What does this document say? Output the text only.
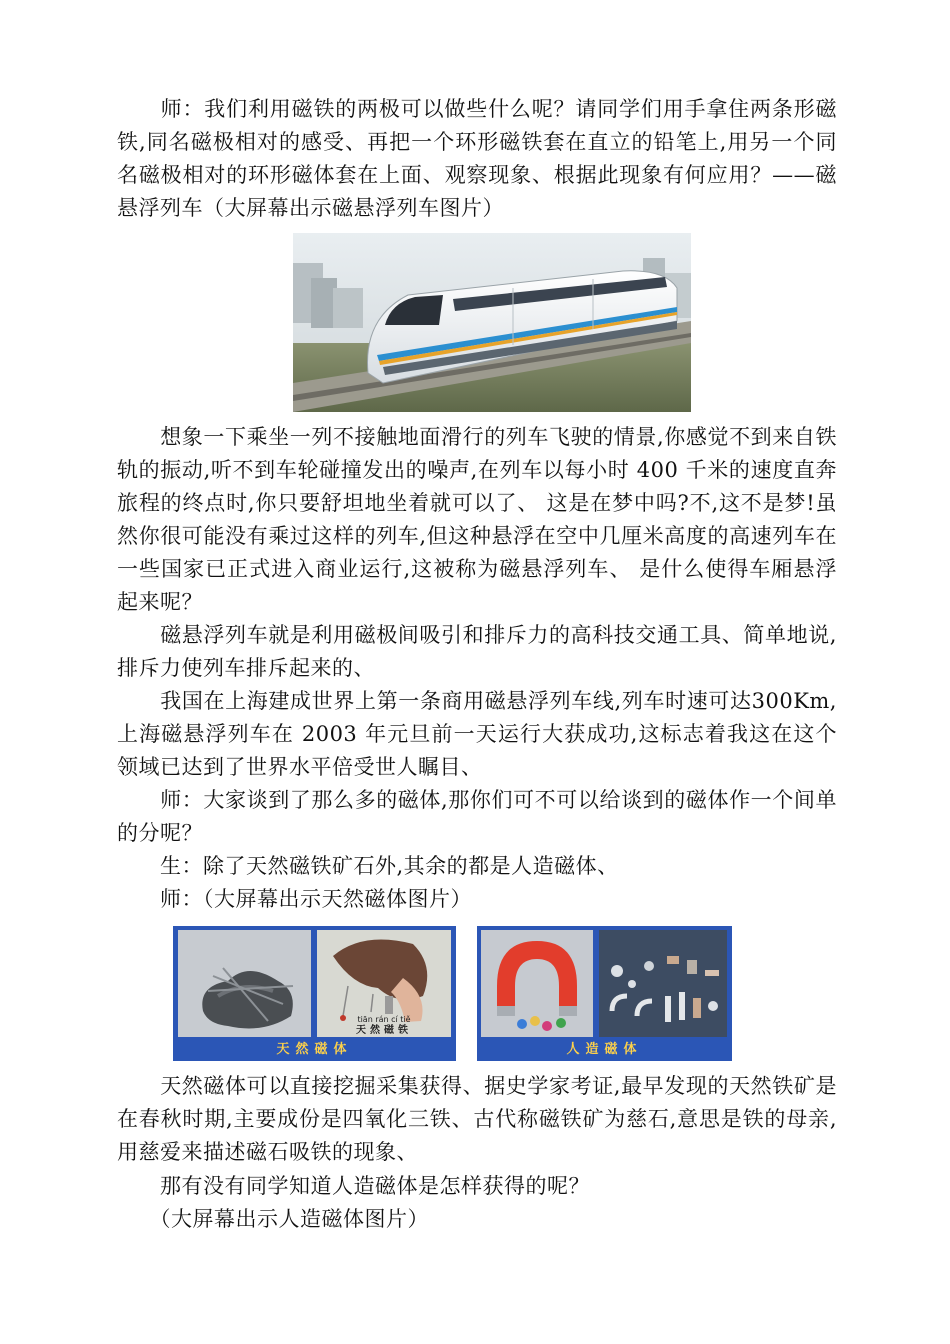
　　师：我们利用磁铁的两极可以做些什么呢？请同学们用手拿住两条形磁铁,同名磁极相对的感受、再把一个环形磁铁套在直立的铅笔上,用另一个同名磁极相对的环形磁体套在上面、观察现象、根据此现象有何应用？——磁悬浮列车（大屏幕出示磁悬浮列车图片）
　　想象一下乘坐一列不接触地面滑行的列车飞驶的情景,你感觉不到来自铁轨的振动,听不到车轮碰撞发出的噪声,在列车以每小时 400 千米的速度直奔旅程的终点时,你只要舒坦地坐着就可以了、 这是在梦中吗?不,这不是梦!虽然你很可能没有乘过这样的列车,但这种悬浮在空中几厘米高度的高速列车在一些国家已正式进入商业运行,这被称为磁悬浮列车、 是什么使得车厢悬浮起来呢？
　　磁悬浮列车就是利用磁极间吸引和排斥力的高科技交通工具、简单地说,排斥力使列车排斥起来的、
　　我国在上海建成世界上第一条商用磁悬浮列车线,列车时速可达300Km,上海磁悬浮列车在 2003 年元旦前一天运行大获成功,这标志着我这在这个领域已达到了世界水平倍受世人瞩目、
　　师：大家谈到了那么多的磁体,那你们可不可以给谈到的磁体作一个间单的分呢？
　　生：除了天然磁铁矿石外,其余的都是人造磁体、
　　师：（大屏幕出示天然磁体图片）
tiān rán cí tiě
天然磁铁
天然磁体	人造磁体
　　天然磁体可以直接挖掘采集获得、据史学家考证,最早发现的天然铁矿是在春秋时期,主要成份是四氧化三铁、古代称磁铁矿为慈石,意思是铁的母亲,用慈爱来描述磁石吸铁的现象、
　　那有没有同学知道人造磁体是怎样获得的呢？
　　（大屏幕出示人造磁体图片）
